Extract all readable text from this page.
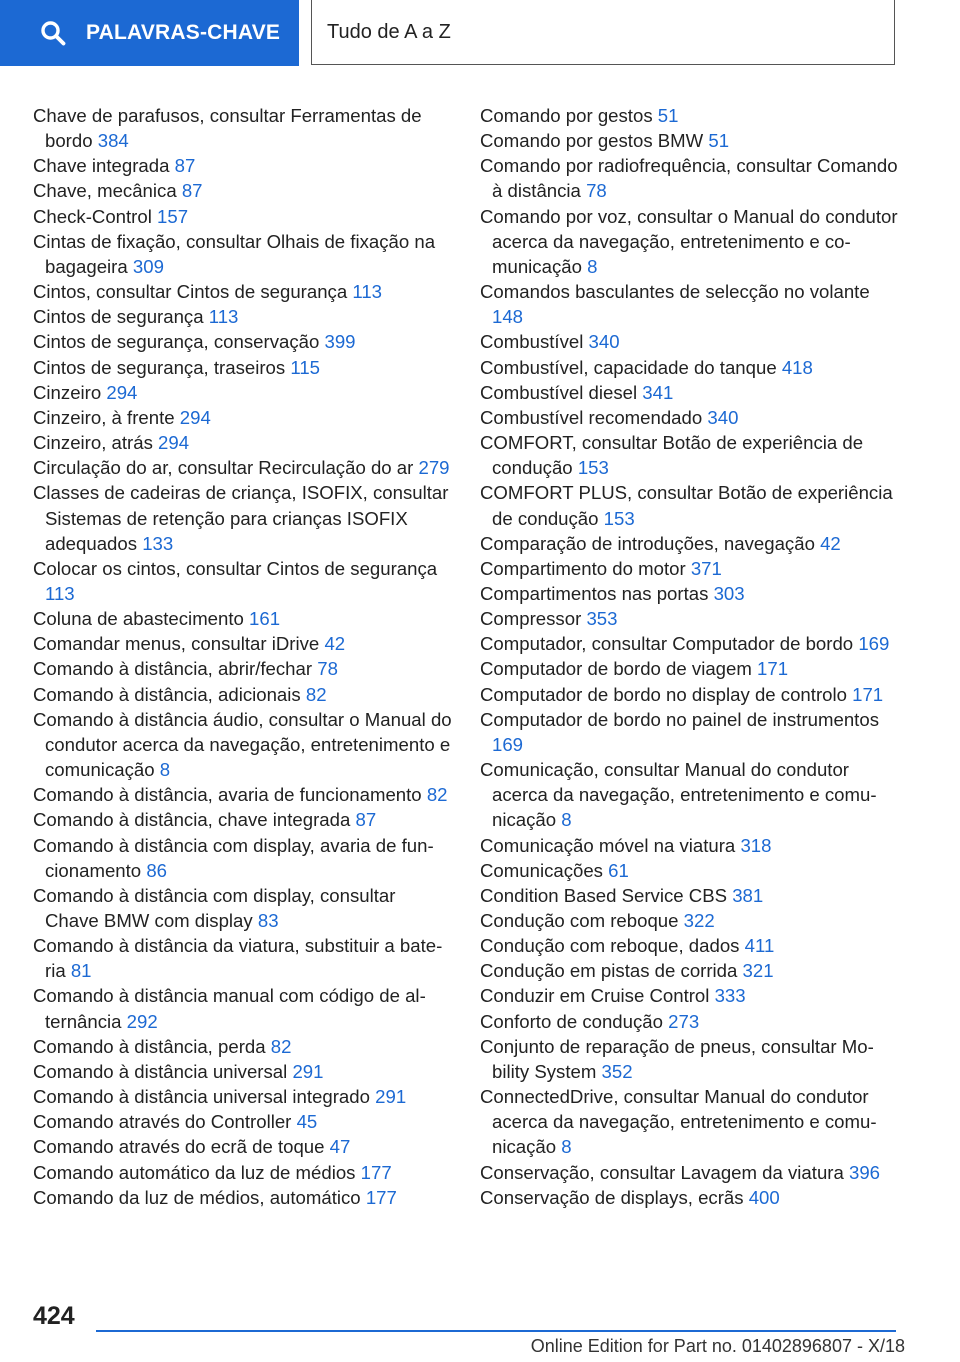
PALAVRAS-CHAVE Tudo de A a Z
Chave de parafusos, consultar Ferramentas de bordo 384
Chave integrada 87
Chave, mecânica 87
Check-Control 157
Cintas de fixação, consultar Olhais de fixação na bagageira 309
Cintos, consultar Cintos de segurança 113
Cintos de segurança 113
Cintos de segurança, conservação 399
Cintos de segurança, traseiros 115
Cinzeiro 294
Cinzeiro, à frente 294
Cinzeiro, atrás 294
Circulação do ar, consultar Recirculação do ar 279
Classes de cadeiras de criança, ISOFIX, consultar Sistemas de retenção para crianças ISOFIX adequados 133
Colocar os cintos, consultar Cintos de segurança 113
Coluna de abastecimento 161
Comandar menus, consultar iDrive 42
Comando à distância, abrir/fechar 78
Comando à distância, adicionais 82
Comando à distância áudio, consultar o Manual do condutor acerca da navegação, entretenimento e comunicação 8
Comando à distância, avaria de funcionamento 82
Comando à distância, chave integrada 87
Comando à distância com display, avaria de funcionamento 86
Comando à distância com display, consultar Chave BMW com display 83
Comando à distância da viatura, substituir a bateria 81
Comando à distância manual com código de alternância 292
Comando à distância, perda 82
Comando à distância universal 291
Comando à distância universal integrado 291
Comando através do Controller 45
Comando através do ecrã de toque 47
Comando automático da luz de médios 177
Comando da luz de médios, automático 177
Comando por gestos 51
Comando por gestos BMW 51
Comando por radiofrequência, consultar Comando à distância 78
Comando por voz, consultar o Manual do condutor acerca da navegação, entretenimento e comunicação 8
Comandos basculantes de selecção no volante 148
Combustível 340
Combustível, capacidade do tanque 418
Combustível diesel 341
Combustível recomendado 340
COMFORT, consultar Botão de experiência de condução 153
COMFORT PLUS, consultar Botão de experiência de condução 153
Comparação de introduções, navegação 42
Compartimento do motor 371
Compartimentos nas portas 303
Compressor 353
Computador, consultar Computador de bordo 169
Computador de bordo de viagem 171
Computador de bordo no display de controlo 171
Computador de bordo no painel de instrumentos 169
Comunicação, consultar Manual do condutor acerca da navegação, entretenimento e comunicação 8
Comunicação móvel na viatura 318
Comunicações 61
Condition Based Service CBS 381
Condução com reboque 322
Condução com reboque, dados 411
Condução em pistas de corrida 321
Conduzir em Cruise Control 333
Conforto de condução 273
Conjunto de reparação de pneus, consultar Mobility System 352
ConnectedDrive, consultar Manual do condutor acerca da navegação, entretenimento e comunicação 8
Conservação, consultar Lavagem da viatura 396
Conservação de displays, ecrãs 400
424
Online Edition for Part no. 01402896807 - X/18
